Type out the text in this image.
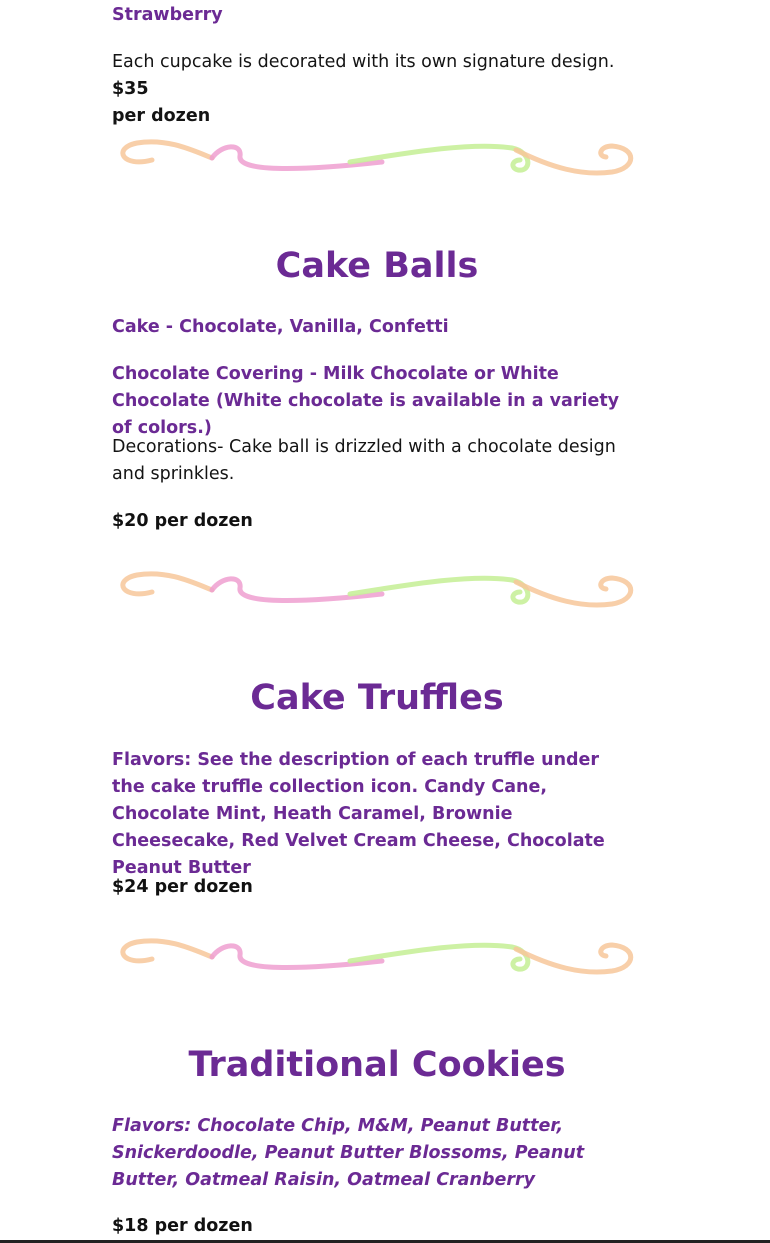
Strawberry

Each cupcake is decorated with its own signature design. $35
per dozen

Cake Balls

Cake - Chocolate, Vanilla, Confetti

Chocolate Covering - Milk Chocolate or White Chocolate (White chocolate is available in a variety of colors.)

Decorations- Cake ball is drizzled with a chocolate design and sprinkles.

$20 per dozen

Cake Truffles

Flavors: See the description of each truffle under the cake truffle collection icon. Candy Cane, Chocolate Mint, Heath Caramel, Brownie Cheesecake, Red Velvet Cream Cheese, Chocolate Peanut Butter

$24 per dozen

Traditional Cookies

Flavors: Chocolate Chip, M&M, Peanut Butter, Snickerdoodle, Peanut Butter Blossoms, Peanut Butter, Oatmeal Raisin, Oatmeal Cranberry

$18 per dozen
